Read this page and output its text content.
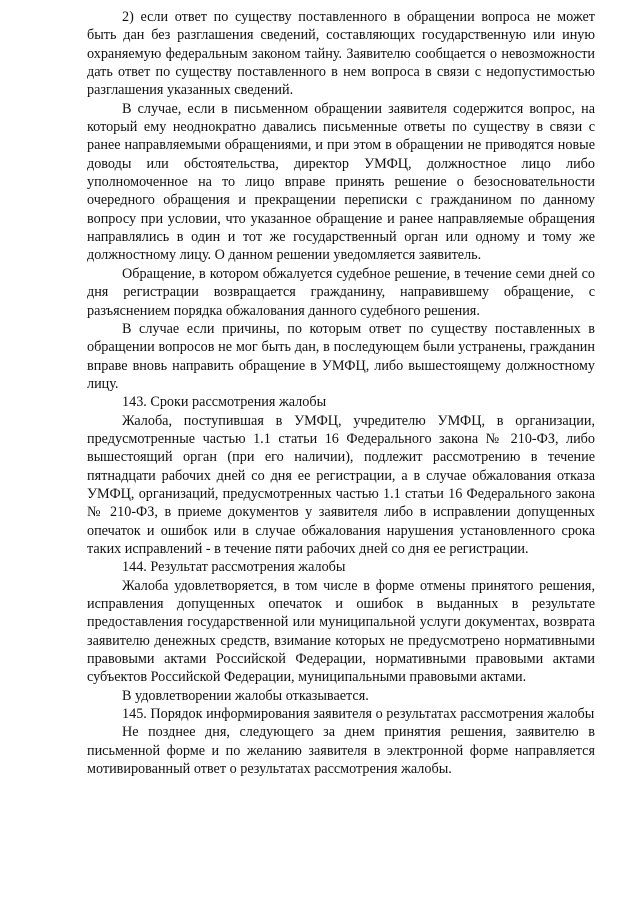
2) если ответ по существу поставленного в обращении вопроса не может быть дан без разглашения сведений, составляющих государственную или иную охраняемую федеральным законом тайну. Заявителю сообщается о невозможности дать ответ по существу поставленного в нем вопроса в связи с недопустимостью разглашения указанных сведений.

В случае, если в письменном обращении заявителя содержится вопрос, на который ему неоднократно давались письменные ответы по существу в связи с ранее направляемыми обращениями, и при этом в обращении не приводятся новые доводы или обстоятельства, директор УМФЦ, должностное лицо либо уполномоченное на то лицо вправе принять решение о безосновательности очередного обращения и прекращении переписки с гражданином по данному вопросу при условии, что указанное обращение и ранее направляемые обращения направлялись в один и тот же государственный орган или одному и тому же должностному лицу. О данном решении уведомляется заявитель.

Обращение, в котором обжалуется судебное решение, в течение семи дней со дня регистрации возвращается гражданину, направившему обращение, с разъяснением порядка обжалования данного судебного решения.

В случае если причины, по которым ответ по существу поставленных в обращении вопросов не мог быть дан, в последующем были устранены, гражданин вправе вновь направить обращение в УМФЦ, либо вышестоящему должностному лицу.

143. Сроки рассмотрения жалобы

Жалоба, поступившая в УМФЦ, учредителю УМФЦ, в организации, предусмотренные частью 1.1 статьи 16 Федерального закона № 210-ФЗ, либо вышестоящий орган (при его наличии), подлежит рассмотрению в течение пятнадцати рабочих дней со дня ее регистрации, а в случае обжалования отказа УМФЦ, организаций, предусмотренных частью 1.1 статьи 16 Федерального закона № 210-ФЗ, в приеме документов у заявителя либо в исправлении допущенных опечаток и ошибок или в случае обжалования нарушения установленного срока таких исправлений - в течение пяти рабочих дней со дня ее регистрации.

144. Результат рассмотрения жалобы

Жалоба удовлетворяется, в том числе в форме отмены принятого решения, исправления допущенных опечаток и ошибок в выданных в результате предоставления государственной или муниципальной услуги документах, возврата заявителю денежных средств, взимание которых не предусмотрено нормативными правовыми актами Российской Федерации, нормативными правовыми актами субъектов Российской Федерации, муниципальными правовыми актами.

В удовлетворении жалобы отказывается.

145. Порядок информирования заявителя о результатах рассмотрения жалобы

Не позднее дня, следующего за днем принятия решения, заявителю в письменной форме и по желанию заявителя в электронной форме направляется мотивированный ответ о результатах рассмотрения жалобы.
